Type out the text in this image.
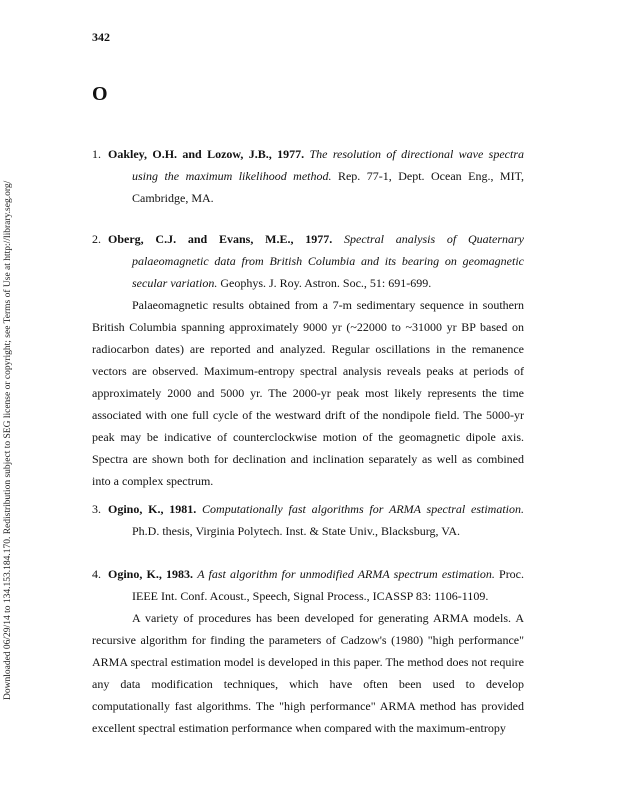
342
O
Downloaded 06/29/14 to 134.153.184.170. Redistribution subject to SEG license or copyright; see Terms of Use at http://library.seg.org/

1. Oakley, O.H. and Lozow, J.B., 1977. The resolution of directional wave spectra using the maximum likelihood method. Rep. 77-1, Dept. Ocean Eng., MIT, Cambridge, MA.

2. Oberg, C.J. and Evans, M.E., 1977. Spectral analysis of Quaternary palaeomagnetic data from British Columbia and its bearing on geomagnetic secular variation. Geophys. J. Roy. Astron. Soc., 51: 691-699.

Palaeomagnetic results obtained from a 7-m sedimentary sequence in southern British Columbia spanning approximately 9000 yr (~22000 to ~31000 yr BP based on radiocarbon dates) are reported and analyzed. Regular oscillations in the remanence vectors are observed. Maximum-entropy spectral analysis reveals peaks at periods of approximately 2000 and 5000 yr. The 2000-yr peak most likely represents the time associated with one full cycle of the westward drift of the nondipole field. The 5000-yr peak may be indicative of counterclockwise motion of the geomagnetic dipole axis. Spectra are shown both for declination and inclination separately as well as combined into a complex spectrum.

3. Ogino, K., 1981. Computationally fast algorithms for ARMA spectral estimation. Ph.D. thesis, Virginia Polytech. Inst. & State Univ., Blacksburg, VA.

4. Ogino, K., 1983. A fast algorithm for unmodified ARMA spectrum estimation. Proc. IEEE Int. Conf. Acoust., Speech, Signal Process., ICASSP 83: 1106-1109.

A variety of procedures has been developed for generating ARMA models. A recursive algorithm for finding the parameters of Cadzow's (1980) "high performance" ARMA spectral estimation model is developed in this paper. The method does not require any data modification techniques, which have often been used to develop computationally fast algorithms. The "high performance" ARMA method has provided excellent spectral estimation performance when compared with the maximum-entropy
